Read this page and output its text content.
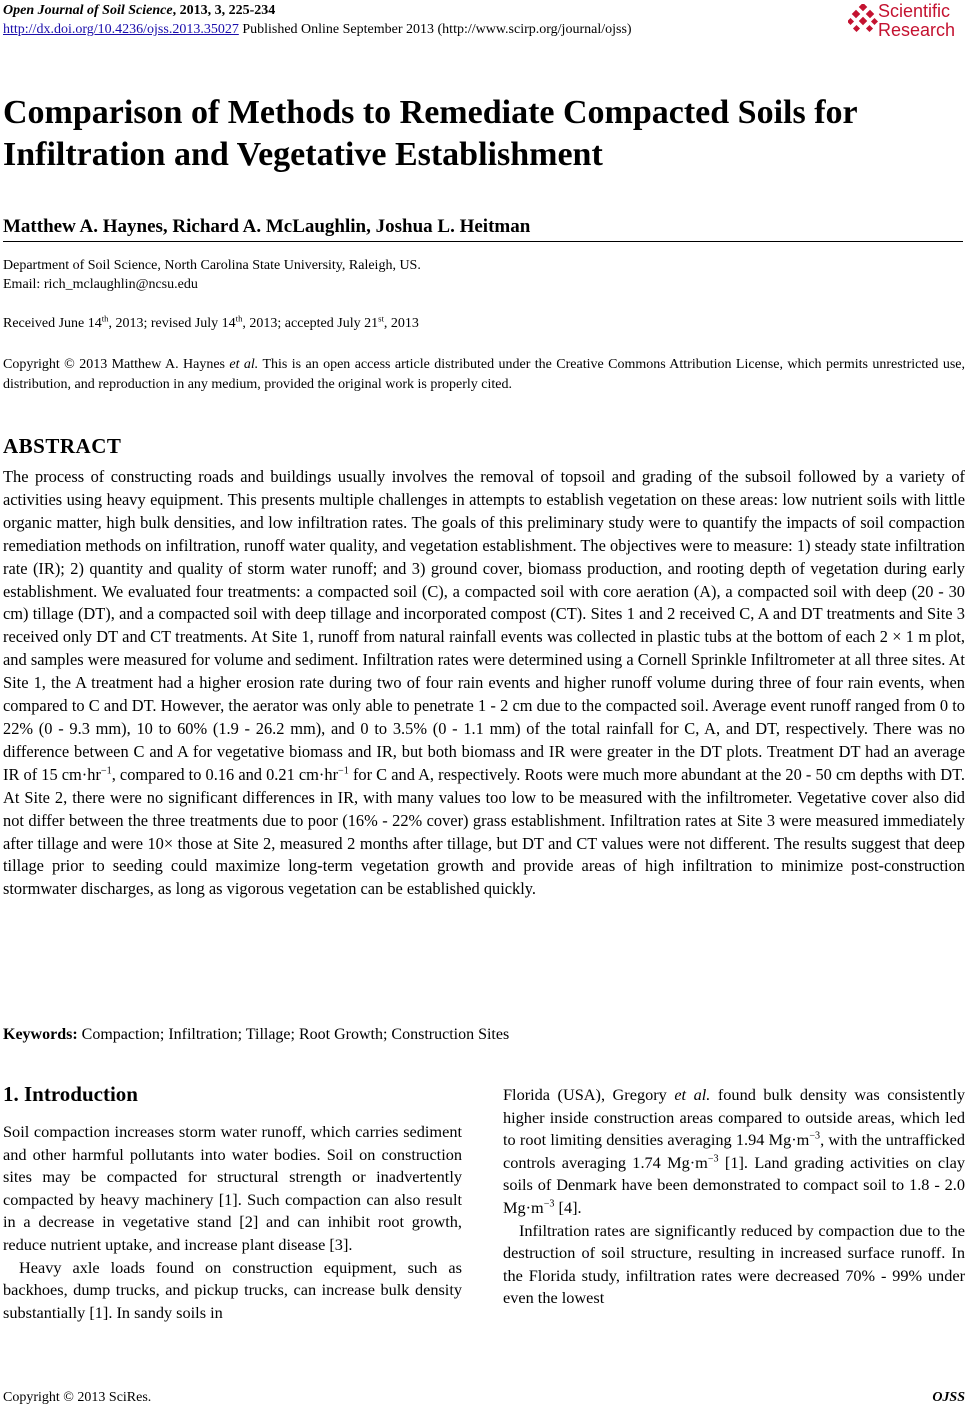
Open Journal of Soil Science, 2013, 3, 225-234
http://dx.doi.org/10.4236/ojss.2013.35027 Published Online September 2013 (http://www.scirp.org/journal/ojss)
Scientific
Research
Comparison of Methods to Remediate Compacted Soils for Infiltration and Vegetative Establishment
Matthew A. Haynes, Richard A. McLaughlin, Joshua L. Heitman
Department of Soil Science, North Carolina State University, Raleigh, US.
Email: rich_mclaughlin@ncsu.edu
Received June 14th, 2013; revised July 14th, 2013; accepted July 21st, 2013
Copyright © 2013 Matthew A. Haynes et al. This is an open access article distributed under the Creative Commons Attribution License, which permits unrestricted use, distribution, and reproduction in any medium, provided the original work is properly cited.
ABSTRACT
The process of constructing roads and buildings usually involves the removal of topsoil and grading of the subsoil followed by a variety of activities using heavy equipment. This presents multiple challenges in attempts to establish vegetation on these areas: low nutrient soils with little organic matter, high bulk densities, and low infiltration rates. The goals of this preliminary study were to quantify the impacts of soil compaction remediation methods on infiltration, runoff water quality, and vegetation establishment. The objectives were to measure: 1) steady state infiltration rate (IR); 2) quantity and quality of storm water runoff; and 3) ground cover, biomass production, and rooting depth of vegetation during early establishment. We evaluated four treatments: a compacted soil (C), a compacted soil with core aeration (A), a compacted soil with deep (20 - 30 cm) tillage (DT), and a compacted soil with deep tillage and incorporated compost (CT). Sites 1 and 2 received C, A and DT treatments and Site 3 received only DT and CT treatments. At Site 1, runoff from natural rainfall events was collected in plastic tubs at the bottom of each 2 × 1 m plot, and samples were measured for volume and sediment. Infiltration rates were determined using a Cornell Sprinkle Infiltrometer at all three sites. At Site 1, the A treatment had a higher erosion rate during two of four rain events and higher runoff volume during three of four rain events, when compared to C and DT. However, the aerator was only able to penetrate 1 - 2 cm due to the compacted soil. Average event runoff ranged from 0 to 22% (0 - 9.3 mm), 10 to 60% (1.9 - 26.2 mm), and 0 to 3.5% (0 - 1.1 mm) of the total rainfall for C, A, and DT, respectively. There was no difference between C and A for vegetative biomass and IR, but both biomass and IR were greater in the DT plots. Treatment DT had an average IR of 15 $cm\cdot hr^{-1}$, compared to 0.16 and 0.21 $cm\cdot hr^{-1}$ for C and A, respectively. Roots were much more abundant at the 20 - 50 cm depths with DT. At Site 2, there were no significant differences in IR, with many values too low to be measured with the infiltrometer. Vegetative cover also did not differ between the three treatments due to poor (16% - 22% cover) grass establishment. Infiltration rates at Site 3 were measured immediately after tillage and were 10× those at Site 2, measured 2 months after tillage, but DT and CT values were not different. The results suggest that deep tillage prior to seeding could maximize long-term vegetation growth and provide areas of high infiltration to minimize post-construction stormwater discharges, as long as vigorous vegetation can be established quickly.
Keywords: Compaction; Infiltration; Tillage; Root Growth; Construction Sites
1. Introduction

Soil compaction increases storm water runoff, which carries sediment and other harmful pollutants into water bodies. Soil on construction sites may be compacted for structural strength or inadvertently compacted by heavy machinery [1]. Such compaction can also result in a decrease in vegetative stand [2] and can inhibit root growth, reduce nutrient uptake, and increase plant disease [3].

Heavy axle loads found on construction equipment, such as backhoes, dump trucks, and pickup trucks, can increase bulk density substantially [1]. In sandy soils in

Florida (USA), Gregory et al. found bulk density was consistently higher inside construction areas compared to outside areas, which led to root limiting densities averaging 1.94 $Mg\cdot m^{-3}$, with the untrafficked controls averaging 1.74 $Mg\cdot m^{-3}$ [1]. Land grading activities on clay soils of Denmark have been demonstrated to compact soil to 1.8 - 2.0 $Mg\cdot m^{-3}$ [4].

Infiltration rates are significantly reduced by compaction due to the destruction of soil structure, resulting in increased surface runoff. In the Florida study, infiltration rates were decreased 70% - 99% under even the lowest

Copyright © 2013 SciRes.	OJSS
